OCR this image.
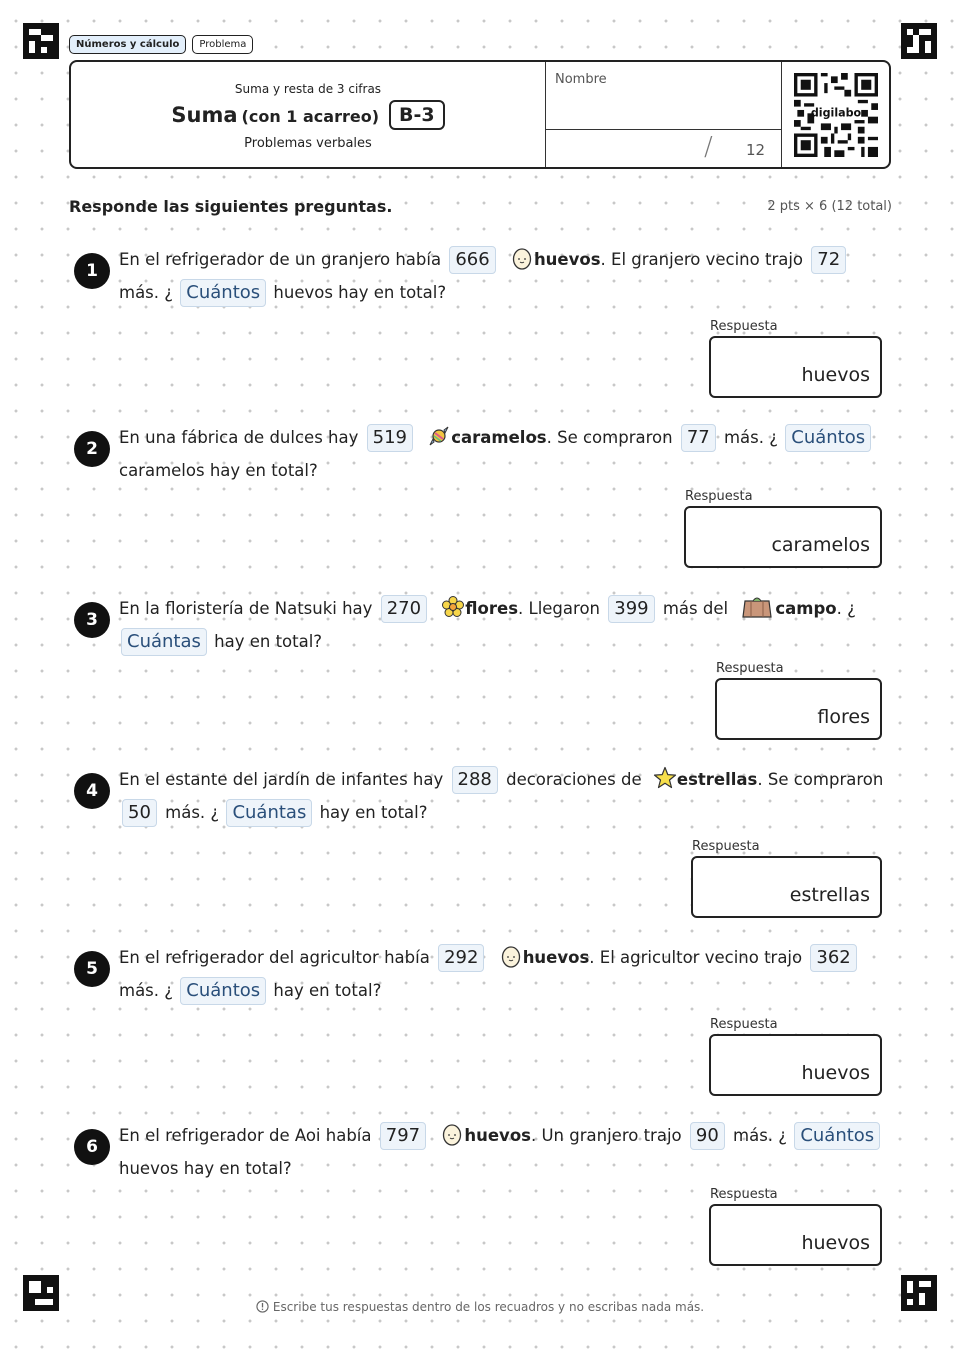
Números y cálculo	Problema
Suma y resta de 3 cifras
Suma (con 1 acarreo)	B-3
Problemas verbales
Nombre
/ 12
digilabo
Responde las siguientes preguntas.	2 pts × 6 (12 total)
1
En el refrigerador de un granjero había 666	huevos. El granjero vecino trajo 72 más. ¿ Cuántos huevos hay en total?
Respuesta
huevos
2
En una fábrica de dulces hay 519	caramelos. Se compraron 77 más. ¿ Cuántos caramelos hay en total?
Respuesta
caramelos
3
En la floristería de Natsuki hay 270	flores. Llegaron 399 más del	campo. ¿ Cuántas hay en total?
Respuesta
flores
4
En el estante del jardín de infantes hay 288 decoraciones de estrellas. Se compraron 50 más. ¿ Cuántas hay en total?
Respuesta
estrellas
5
En el refrigerador del agricultor había 292	huevos. El agricultor vecino trajo 362 más. ¿ Cuántos hay en total?
Respuesta
huevos
6
En el refrigerador de Aoi había 797	huevos. Un granjero trajo 90 más. ¿ Cuántos huevos hay en total?
Respuesta
huevos
Escribe tus respuestas dentro de los recuadros y no escribas nada más.
